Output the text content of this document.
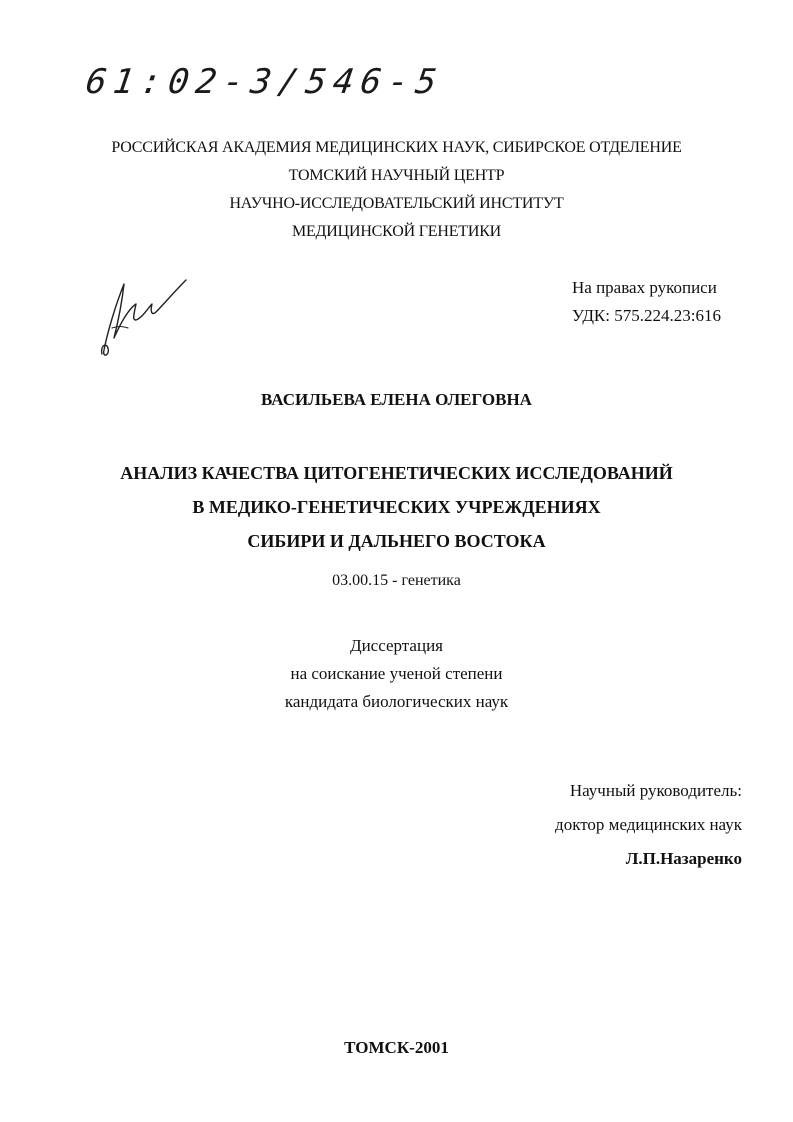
61:02-3/546-5
РОССИЙСКАЯ АКАДЕМИЯ МЕДИЦИНСКИХ НАУК, СИБИРСКОЕ ОТДЕЛЕНИЕ
ТОМСКИЙ НАУЧНЫЙ ЦЕНТР
НАУЧНО-ИССЛЕДОВАТЕЛЬСКИЙ ИНСТИТУТ
МЕДИЦИНСКОЙ ГЕНЕТИКИ
На правах рукописи
УДК: 575.224.23:616
ВАСИЛЬЕВА ЕЛЕНА ОЛЕГОВНА
АНАЛИЗ КАЧЕСТВА ЦИТОГЕНЕТИЧЕСКИХ ИССЛЕДОВАНИЙ
В МЕДИКО-ГЕНЕТИЧЕСКИХ УЧРЕЖДЕНИЯХ
СИБИРИ И ДАЛЬНЕГО ВОСТОКА
03.00.15 - генетика
Диссертация
на соискание ученой степени
кандидата биологических наук
Научный руководитель:
доктор медицинских наук
Л.П.Назаренко
ТОМСК-2001
